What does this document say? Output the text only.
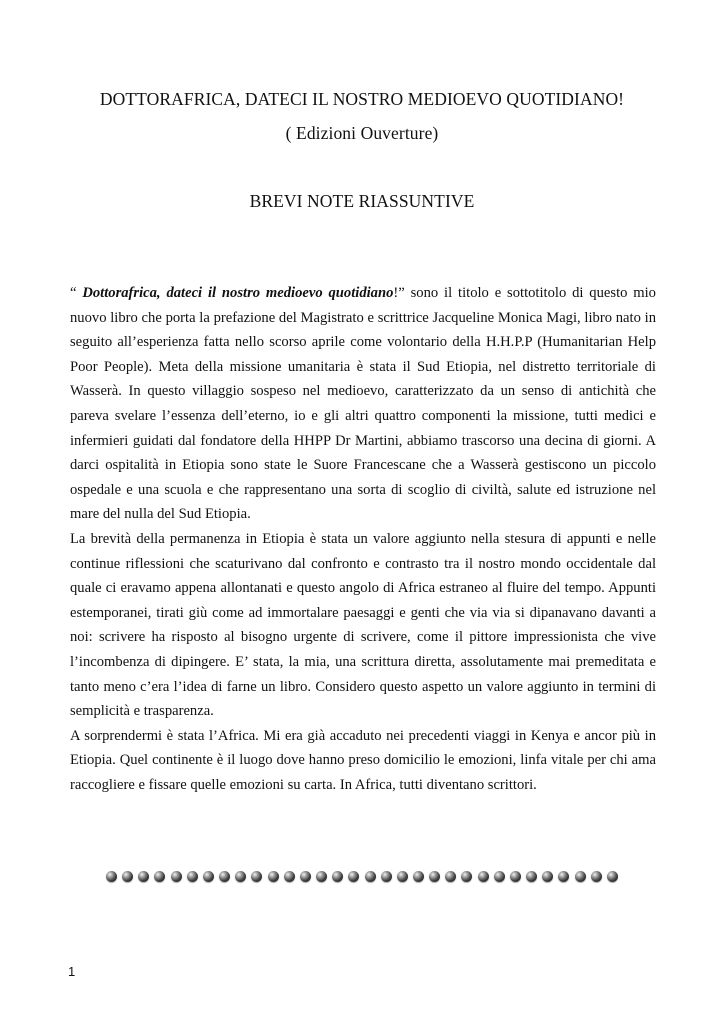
DOTTORAFRICA, DATECI IL NOSTRO MEDIOEVO QUOTIDIANO!
( Edizioni Ouverture)
BREVI NOTE RIASSUNTIVE

“ Dottorafrica, dateci il nostro medioevo quotidiano!” sono il titolo e sottotitolo di questo mio nuovo libro che porta la prefazione del Magistrato e scrittrice Jacqueline Monica Magi, libro nato in seguito all’esperienza fatta nello scorso aprile come volontario della H.H.P.P (Humanitarian Help Poor People). Meta della missione umanitaria è stata il Sud Etiopia, nel distretto territoriale di Wasserà. In questo villaggio sospeso nel medioevo, caratterizzato da un senso di antichità che pareva svelare l’essenza dell’eterno, io e gli altri quattro componenti la missione, tutti medici e infermieri guidati dal fondatore della HHPP Dr Martini, abbiamo trascorso una decina di giorni. A darci ospitalità in Etiopia sono state le Suore Francescane che a Wasserà gestiscono un piccolo ospedale e una scuola e che rappresentano una sorta di scoglio di civiltà, salute ed istruzione nel mare del nulla del Sud Etiopia.

La brevità della permanenza in Etiopia è stata un valore aggiunto nella stesura di appunti e nelle continue riflessioni che scaturivano dal confronto e contrasto tra il nostro mondo occidentale dal quale ci eravamo appena allontanati e questo angolo di Africa estraneo al fluire del tempo. Appunti estemporanei, tirati giù come ad immortalare paesaggi e genti che via via si dipanavano davanti a noi: scrivere ha risposto al bisogno urgente di scrivere, come il pittore impressionista che vive l’incombenza di dipingere. E’ stata, la mia, una scrittura diretta, assolutamente mai premeditata e tanto meno c’era l’idea di farne un libro. Considero questo aspetto un valore aggiunto in termini di semplicità e trasparenza.

A sorprendermi è stata l’Africa. Mi era già accaduto nei precedenti viaggi in Kenya e ancor più in Etiopia. Quel continente è il luogo dove hanno preso domicilio le emozioni, linfa vitale per chi ama raccogliere e fissare quelle emozioni su carta. In Africa, tutti diventano scrittori.

1
